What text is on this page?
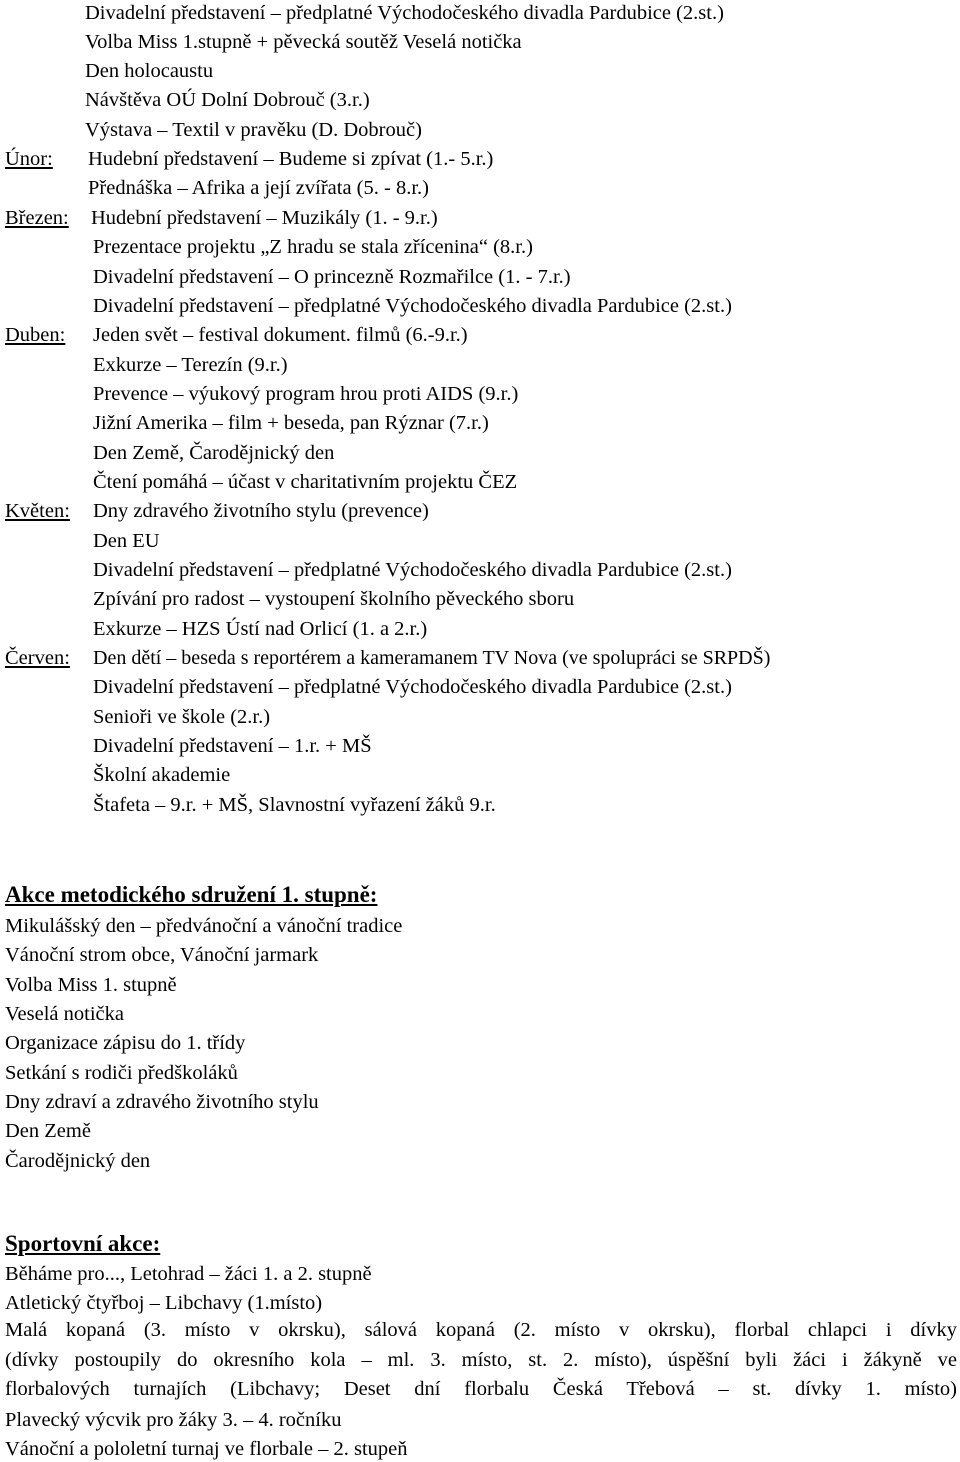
Divadelní představení – předplatné Východočeského divadla Pardubice (2.st.)
Volba Miss 1.stupně + pěvecká soutěž Veselá notička
Den holocaustu
Návštěva OÚ Dolní Dobrouč (3.r.)
Výstava – Textil v pravěku (D. Dobrouč)
Únor: Hudební představení – Budeme si zpívat (1.- 5.r.)
Přednáška – Afrika a její zvířata (5. - 8.r.)
Březen: Hudební představení – Muzikály (1. - 9.r.)
Prezentace projektu „Z hradu se stala zřícenina“ (8.r.)
Divadelní představení – O princezně Rozmařilce (1. - 7.r.)
Divadelní představení – předplatné Východočeského divadla Pardubice (2.st.)
Duben: Jeden svět – festival dokument. filmů (6.-9.r.)
Exkurze – Terezín (9.r.)
Prevence – výukový program hrou proti AIDS (9.r.)
Jižní Amerika – film + beseda, pan Rýznar (7.r.)
Den Země, Čarodějnický den
Čtení pomáhá – účast v charitativním projektu ČEZ
Květen: Dny zdravého životního stylu (prevence)
Den EU
Divadelní představení – předplatné Východočeského divadla Pardubice (2.st.)
Zpívání pro radost – vystoupení školního pěveckého sboru
Exkurze – HZS Ústí nad Orlicí (1. a 2.r.)
Červen: Den dětí – beseda s reportérem a kameramanem TV Nova (ve spolupráci se SRPDŠ)
Divadelní představení – předplatné Východočeského divadla Pardubice (2.st.)
Senioři ve škole (2.r.)
Divadelní představení – 1.r. + MŠ
Školní akademie
Štafeta – 9.r. + MŠ, Slavnostní vyřazení žáků 9.r.
Akce metodického sdružení 1. stupně:
Mikulášský den – předvánoční a vánoční tradice
Vánoční strom obce, Vánoční jarmark
Volba Miss 1. stupně
Veselá notička
Organizace zápisu do 1. třídy
Setkání s rodiči předškoláků
Dny zdraví a zdravého životního stylu
Den Země
Čarodějnický den
Sportovní akce:
Běháme pro..., Letohrad – žáci 1. a 2. stupně
Atletický čtyřboj – Libchavy (1.místo)
Malá kopaná (3. místo v okrsku), sálová kopaná (2. místo v okrsku), florbal chlapci i dívky
(dívky postoupily do okresního kola – ml. 3. místo, st. 2. místo), úspěšní byli žáci i žákyně ve
florbalových turnajích (Libchavy; Deset dní florbalu Česká Třebová – st. dívky 1. místo)
Plavecký výcvik pro žáky 3. – 4. ročníku
Vánoční a pololetní turnaj ve florbale – 2. stupeň
